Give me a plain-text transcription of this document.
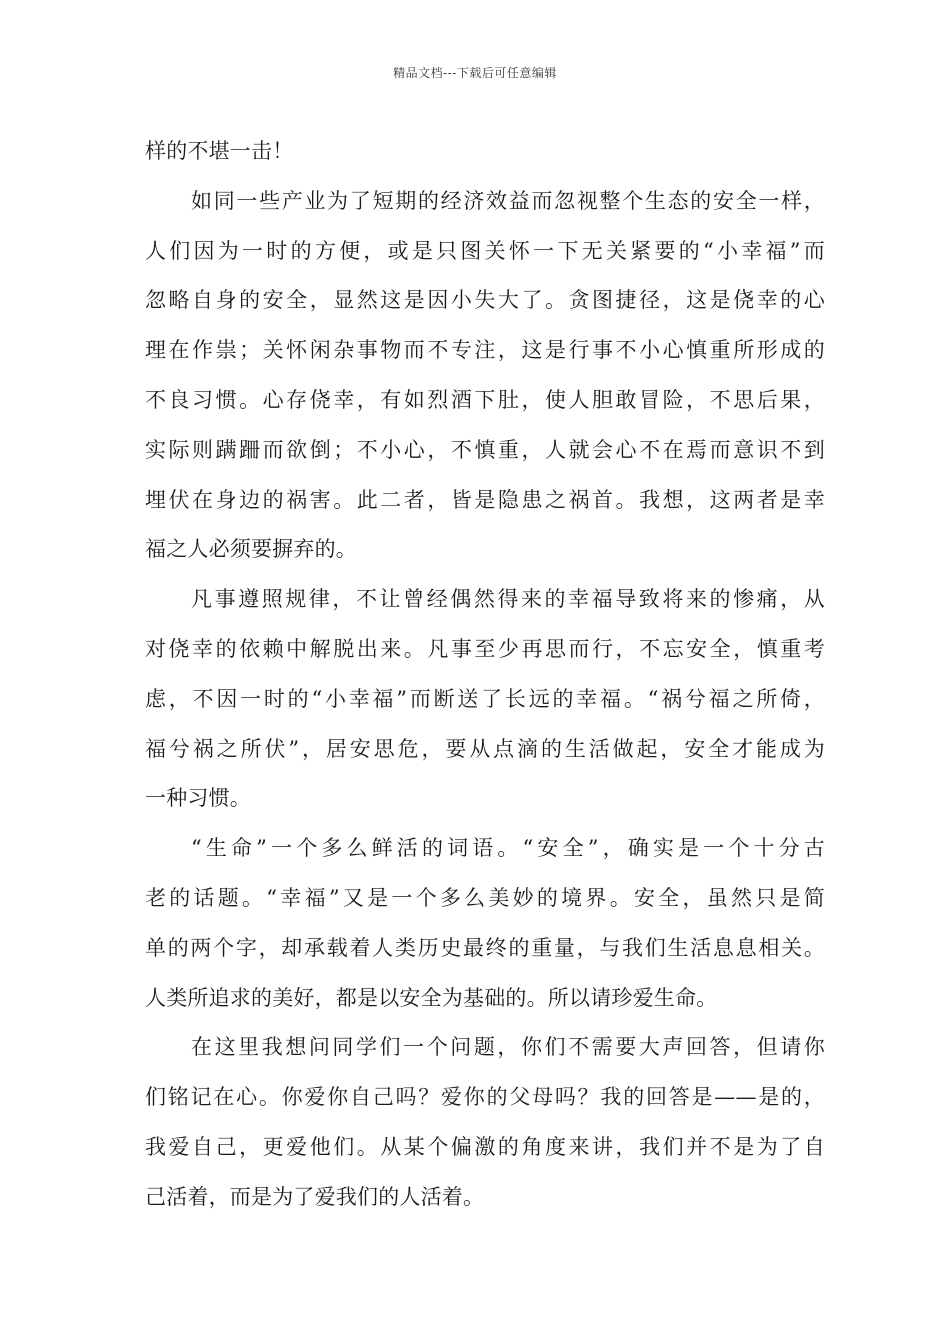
精品文档---下载后可任意编辑
样的不堪一击！
如同一些产业为了短期的经济效益而忽视整个生态的安全一样，
人们因为一时的方便，或是只图关怀一下无关紧要的“小幸福”而
忽略自身的安全，显然这是因小失大了。贪图捷径，这是侥幸的心
理在作祟；关怀闲杂事物而不专注，这是行事不小心慎重所形成的
不良习惯。心存侥幸，有如烈酒下肚，使人胆敢冒险，不思后果，
实际则蹒跚而欲倒；不小心，不慎重，人就会心不在焉而意识不到
埋伏在身边的祸害。此二者，皆是隐患之祸首。我想，这两者是幸
福之人必须要摒弃的。
凡事遵照规律，不让曾经偶然得来的幸福导致将来的惨痛，从
对侥幸的依赖中解脱出来。凡事至少再思而行，不忘安全，慎重考
虑，不因一时的“小幸福”而断送了长远的幸福。“祸兮福之所倚，
福兮祸之所伏”，居安思危，要从点滴的生活做起，安全才能成为
一种习惯。
“生命”一个多么鲜活的词语。“安全”，确实是一个十分古
老的话题。“幸福”又是一个多么美妙的境界。安全，虽然只是简
单的两个字，却承载着人类历史最终的重量，与我们生活息息相关。
人类所追求的美好，都是以安全为基础的。所以请珍爱生命。
在这里我想问同学们一个问题，你们不需要大声回答，但请你
们铭记在心。你爱你自己吗？爱你的父母吗？我的回答是——是的，
我爱自己，更爱他们。从某个偏激的角度来讲，我们并不是为了自
己活着，而是为了爱我们的人活着。
